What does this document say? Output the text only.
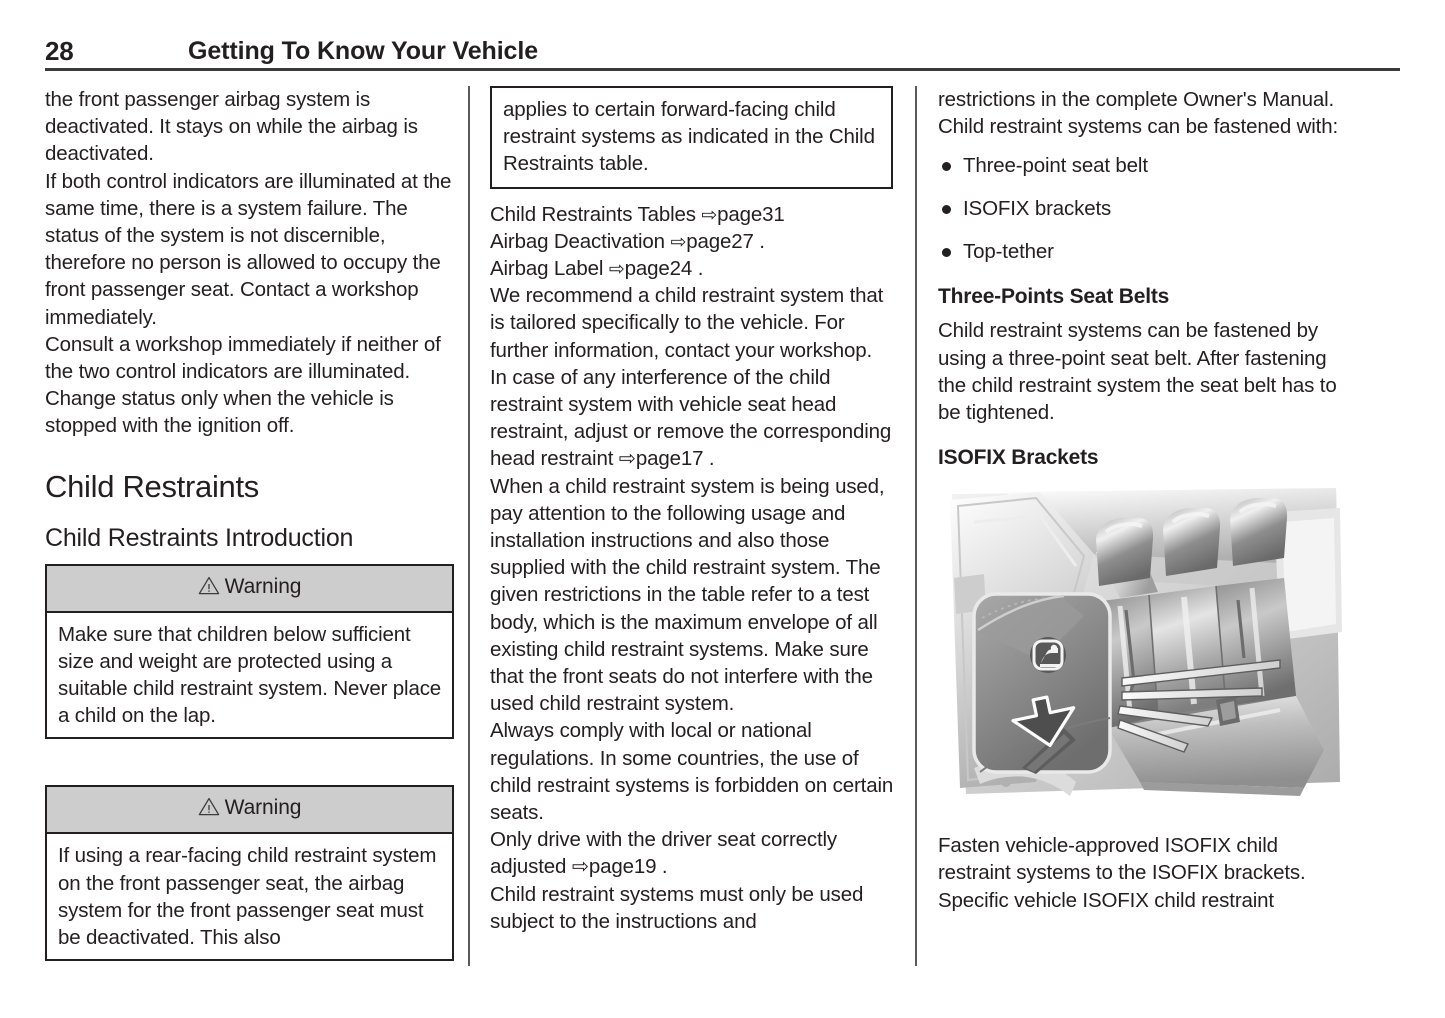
28	Getting To Know Your Vehicle

the front passenger airbag system is deactivated. It stays on while the airbag is deactivated.

If both control indicators are illuminated at the same time, there is a system failure. The status of the system is not discernible, therefore no person is allowed to occupy the front passenger seat. Contact a workshop immediately.

Consult a workshop immediately if neither of the two control indicators are illuminated.

Change status only when the vehicle is stopped with the ignition off.

Child Restraints
Child Restraints Introduction
Warning
Make sure that children below sufficient size and weight are protected using a suitable child restraint system. Never place a child on the lap.
Warning
If using a rear-facing child restraint system on the front passenger seat, the airbag system for the front passenger seat must be deactivated. This also

applies to certain forward-facing child restraint systems as indicated in the Child Restraints table.

Child Restraints Tables ⇨page31

Airbag Deactivation ⇨page27 .

Airbag Label ⇨page24 .

We recommend a child restraint system that is tailored specifically to the vehicle. For further information, contact your workshop.

In case of any interference of the child restraint system with vehicle seat head restraint, adjust or remove the corresponding head restraint ⇨page17 .

When a child restraint system is being used, pay attention to the following usage and installation instructions and also those supplied with the child restraint system. The given restrictions in the table refer to a test body, which is the maximum envelope of all existing child restraint systems. Make sure that the front seats do not interfere with the used child restraint system.

Always comply with local or national regulations. In some countries, the use of child restraint systems is forbidden on certain seats.

Only drive with the driver seat correctly adjusted ⇨page19 .

Child restraint systems must only be used subject to the instructions and

restrictions in the complete Owner's Manual.

Child restraint systems can be fastened with:

Three-point seat belt
ISOFIX brackets
Top-tether
Three-Points Seat Belts

Child restraint systems can be fastened by using a three-point seat belt. After fastening the child restraint system the seat belt has to be tightened.

ISOFIX Brackets

Fasten vehicle-approved ISOFIX child restraint systems to the ISOFIX brackets. Specific vehicle ISOFIX child restraint
